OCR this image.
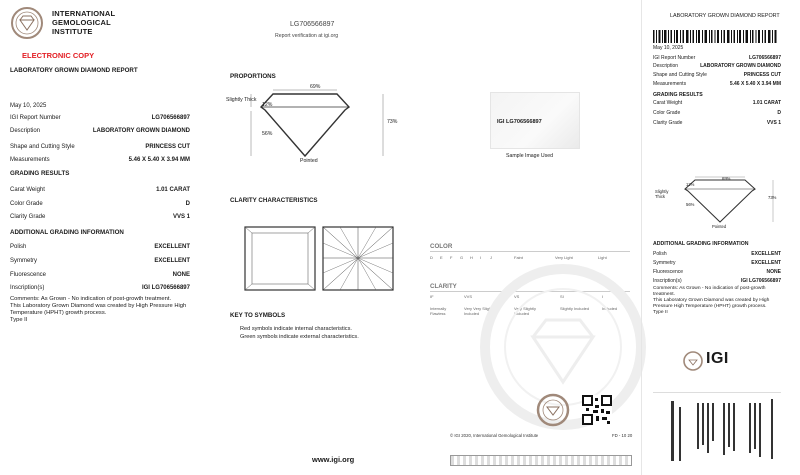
INTERNATIONAL
GEMOLOGICAL
INSTITUTE
ELECTRONIC COPY
LABORATORY GROWN DIAMOND REPORT
May 10, 2025
IGI Report Number	LG706566897
Description	LABORATORY GROWN DIAMOND
Shape and Cutting Style	PRINCESS CUT
Measurements	5.46 X 5.40 X 3.94 MM
GRADING RESULTS
Carat Weight	1.01 CARAT
Color Grade	D
Clarity Grade	VVS 1
ADDITIONAL GRADING INFORMATION
Polish	EXCELLENT
Symmetry	EXCELLENT
Fluorescence	NONE
Inscription(s)	IGI LG706566897
Comments: As Grown - No indication of post-growth treatment.
This Laboratory Grown Diamond was created by High Pressure High Temperature (HPHT) growth process.
Type II
LG706566897
Report verification at igi.org
PROPORTIONS
69%
12%
56%
73%
Slightly Thick
Pointed
CLARITY CHARACTERISTICS
KEY TO SYMBOLS
Red symbols indicate internal characteristics.
Green symbols indicate external characteristics.
www.igi.org
IGI LG706566897
Sample Image Used
COLOR
D E F G H I J	Faint	Very Light	Light
CLARITY
IF	VVS	VS	SI	I
Internally Flawless
Very Very Slightly Included
Very Slightly Included
Slightly Included	Included
© IGI 2020, International Gemological Institute	FD - 10 20
LABORATORY GROWN DIAMOND REPORT
May 10, 2025
IGI Report Number	LG706566897
Description	LABORATORY GROWN DIAMOND
Shape and Cutting Style	PRINCESS CUT
Measurements	5.46 X 5.40 X 3.94 MM
GRADING RESULTS
Carat Weight	1.01 CARAT
Color Grade	D
Clarity Grade	VVS 1
69%
12%
56%
73%
Slightly Thick
Pointed
ADDITIONAL GRADING INFORMATION
Polish	EXCELLENT
Symmetry	EXCELLENT
Fluorescence	NONE
Inscription(s)	IGI LG706566897
Comments: As Grown - No indication of post-growth treatment.
This Laboratory Grown Diamond was created by High Pressure High Temperature (HPHT) growth process.
Type II
IGI
